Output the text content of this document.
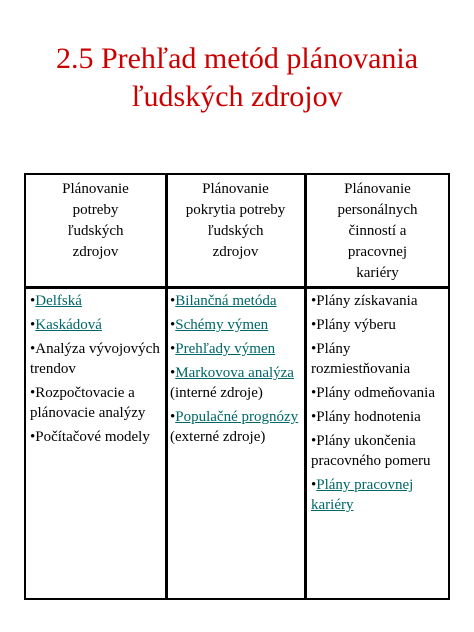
2.5 Prehľad metód plánovania
ľudských zdrojov
Plánovanie
potreby
ľudských
zdrojov
Plánovanie
pokrytia potreby
ľudských
zdrojov
Plánovanie
personálnych
činností a
pracovnej
kariéry
•Delfská
•Kaskádová
•Analýza vývojových trendov
•Rozpočtovacie a plánovacie analýzy
•Počítačové modely
•Bilančná metóda
•Schémy výmen
•Prehľady výmen
•Markovova analýza (interné zdroje)
•Populačné prognózy (externé zdroje)
•Plány získavania
•Plány výberu
•Plány rozmiestňovania
•Plány odmeňovania
•Plány hodnotenia
•Plány ukončenia pracovného pomeru
•Plány pracovnej kariéry
